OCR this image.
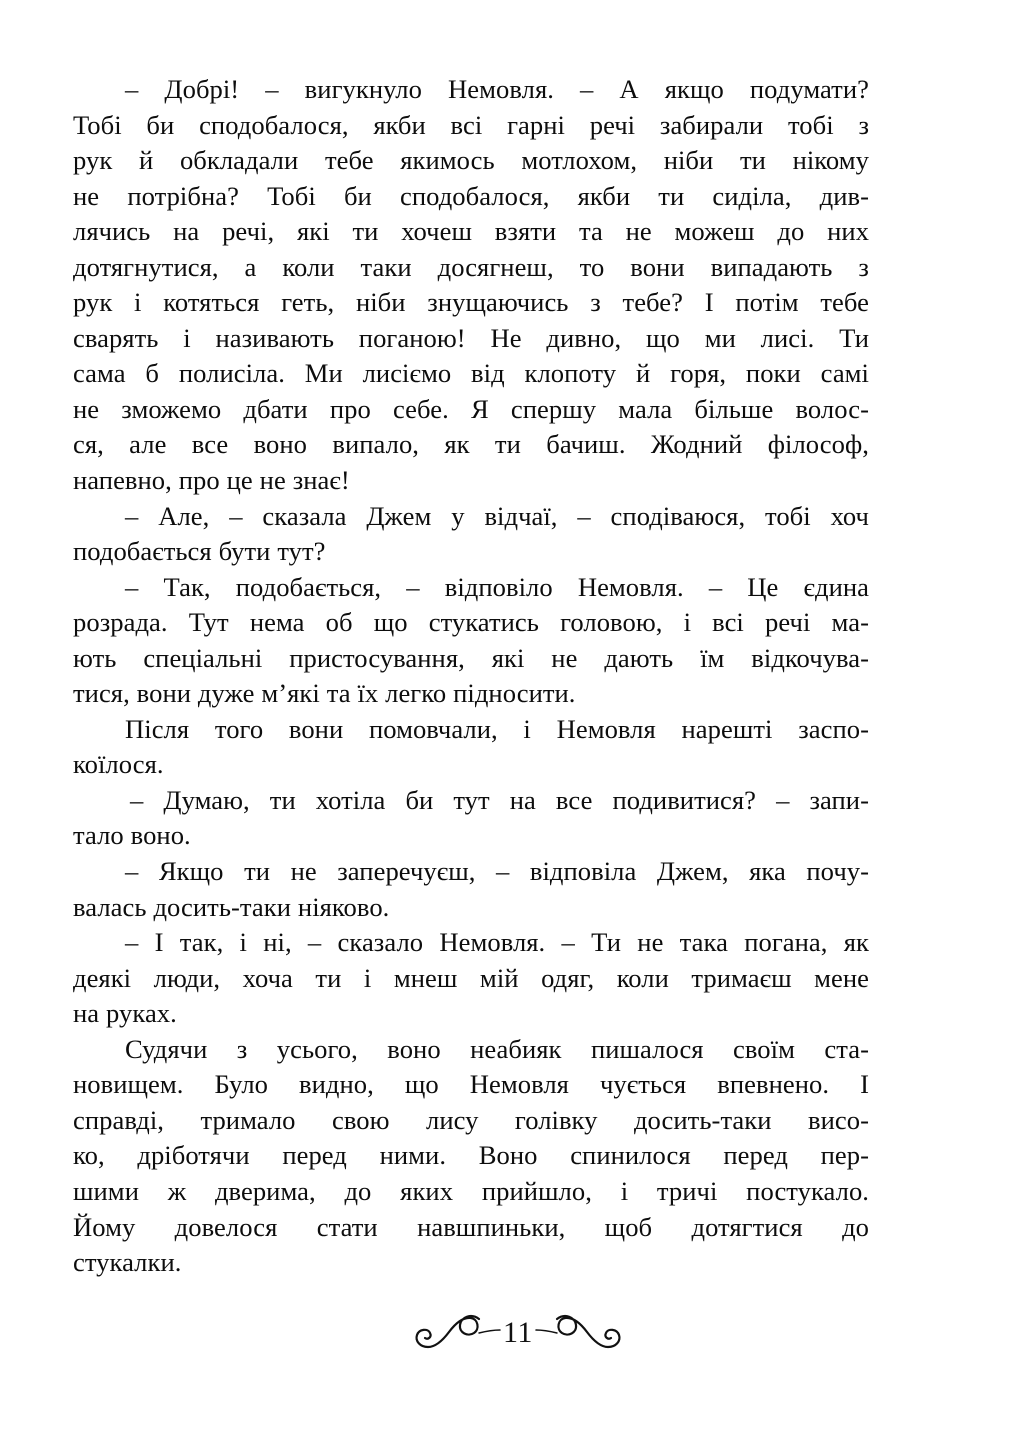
– Добрі! – вигукнуло Немовля. – А якщо подумати?
Тобі би сподобалося, якби всі гарні речі забирали тобі з
рук й обкладали тебе якимось мотлохом, ніби ти нікому
не потрібна? Тобі би сподобалося, якби ти сиділа, див-
лячись на речі, які ти хочеш взяти та не можеш до них
дотягнутися, а коли таки досягнеш, то вони випадають з
рук і котяться геть, ніби знущаючись з тебе? І потім тебе
сварять і називають поганою! Не дивно, що ми лисі. Ти
сама б полисіла. Ми лисіємо від клопоту й горя, поки самі
не зможемо дбати про себе. Я спершу мала більше волос-
ся, але все воно випало, як ти бачиш. Жодний філософ,
напевно, про це не знає!

– Але, – сказала Джем у відчаї, – сподіваюся, тобі хоч
подобається бути тут?

– Так, подобається, – відповіло Немовля. – Це єдина
розрада. Тут нема об що стукатись головою, і всі речі ма-
ють спеціальні пристосування, які не дають їм відкочува-
тися, вони дуже м’які та їх легко підносити.

Після того вони помовчали, і Немовля нарешті заспо-
коїлося.

– Думаю, ти хотіла би тут на все подивитися? – запи-
тало воно.

– Якщо ти не заперечуєш, – відповіла Джем, яка почу-
валась досить-таки ніяково.

– І так, і ні, – сказало Немовля. – Ти не така погана, як
деякі люди, хоча ти і мнеш мій одяг, коли тримаєш мене
на руках.

Судячи з усього, воно неабияк пишалося своїм ста-
новищем. Було видно, що Немовля чується впевнено. І
справді, тримало свою лису голівку досить-таки висо-
ко, дріботячи перед ними. Воно спинилося перед пер-
шими ж дверима, до яких прийшло, і тричі постукало.
Йому довелося стати навшпиньки, щоб дотягтися до
стукалки.

11
